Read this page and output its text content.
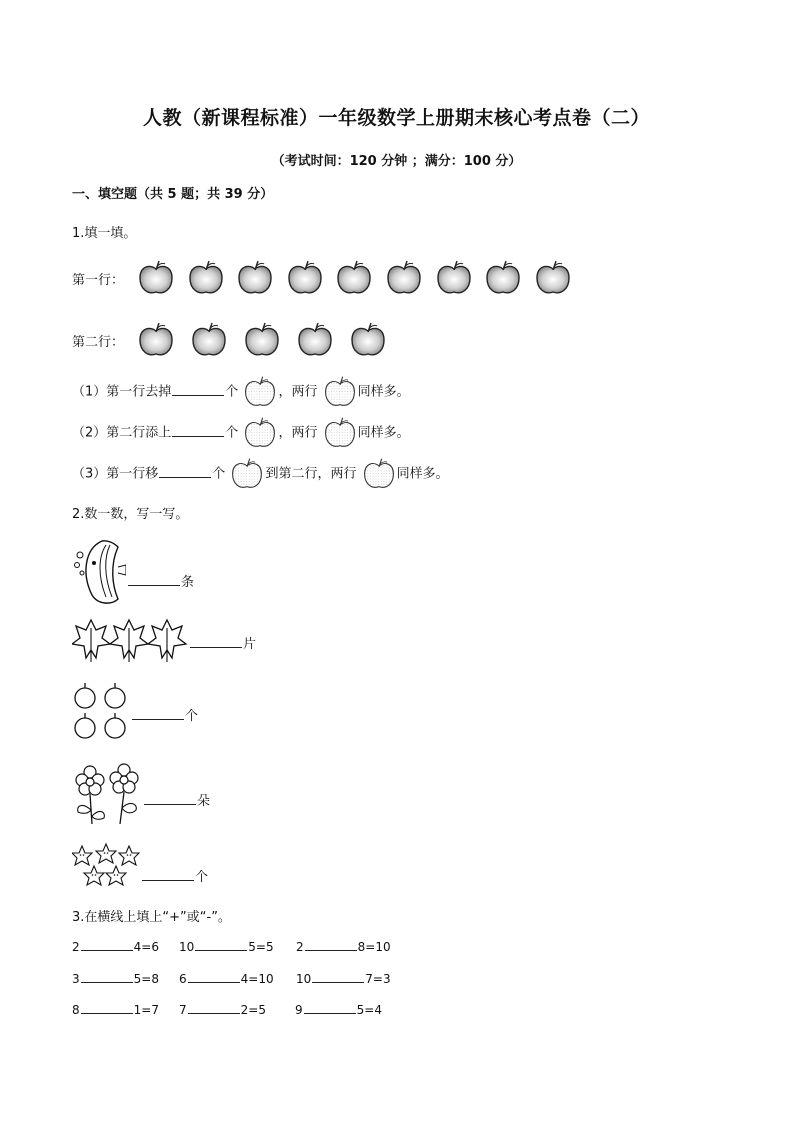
人教（新课程标准）一年级数学上册期末核心考点卷（二）
（考试时间：120 分钟 ；满分：100 分）
一、填空题（共 5 题；共 39 分）
1.填一填。
第一行：
第二行：
（1）第一行去掉	个	，两行	同样多。
（2）第二行添上	个	，两行	同样多。
（3）第一行移	个	到第二行，两行	同样多。
2.数一数，写一写。
条
片
个
朵
个
3.在横线上填上“+”或“-”。
2	4=6 10	5=5 2	8=10
3	5=8 6	4=10 10	7=3
8	1=7 7	2=5 9	5=4
